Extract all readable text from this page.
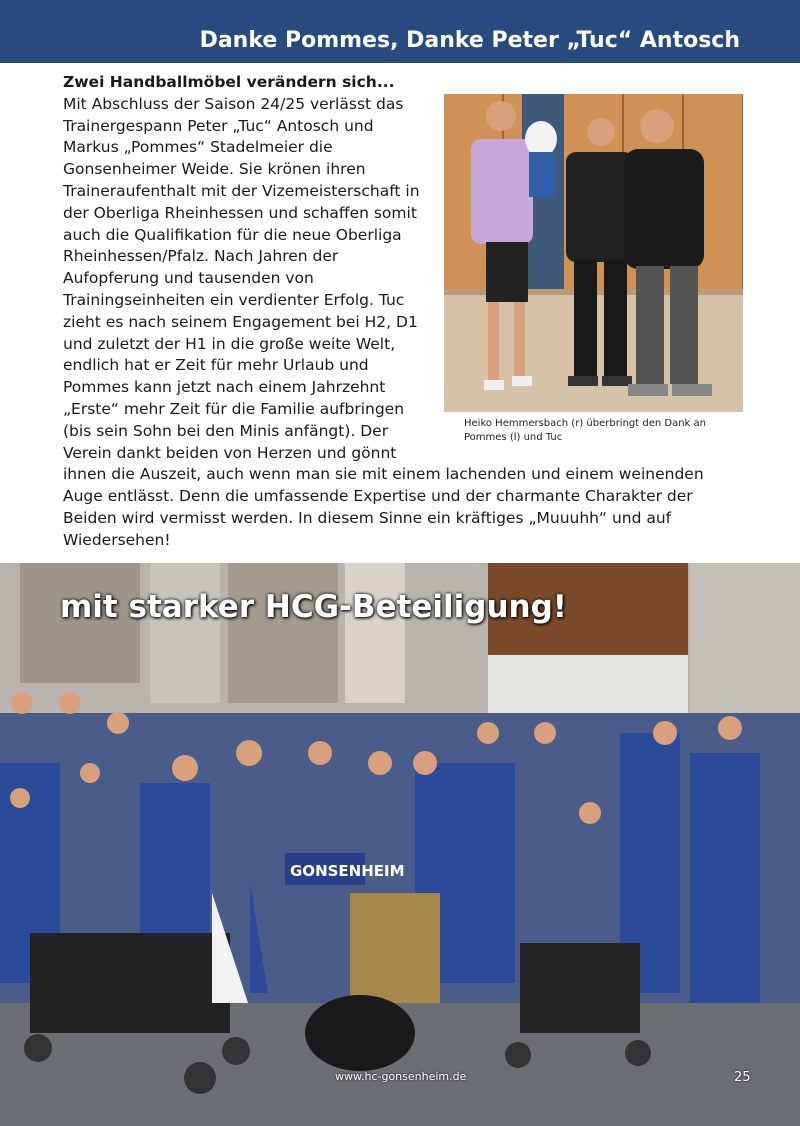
Danke Pommes, Danke Peter „Tuc“ Antosch
Zwei Handballmöbel verändern sich...
Heiko Hemmersbach (r) überbringt den Dank an Pommes (l) und Tuc

Mit Abschluss der Saison 24/25 verlässt das Trainergespann Peter „Tuc“ Antosch und Markus „Pommes“ Stadelmeier die Gonsenheimer Weide. Sie krönen ihren Traineraufenthalt mit der Vizemeisterschaft in der Oberliga Rheinhessen und schaffen somit auch die Qualifikation für die neue Oberliga Rheinhessen/Pfalz. Nach Jahren der Aufopferung und tausenden von Trainingseinheiten ein verdienter Erfolg. Tuc zieht es nach seinem Engagement bei H2, D1 und zuletzt der H1 in die große weite Welt, endlich hat er Zeit für mehr Urlaub und Pommes kann jetzt nach einem Jahrzehnt „Erste“ mehr Zeit für die Familie aufbringen (bis sein Sohn bei den Minis anfängt). Der Verein dankt beiden von Herzen und gönnt ihnen die Auszeit, auch wenn man sie mit einem lachenden und einem weinenden Auge entlässt. Denn die umfassende Expertise und der charmante Charakter der Beiden wird vermisst werden. In diesem Sinne ein kräftiges „Muuuhh“ und auf Wiedersehen!

GONSENHEIM
mit starker HCG-Beteiligung!
www.hc-gonsenheim.de	25
